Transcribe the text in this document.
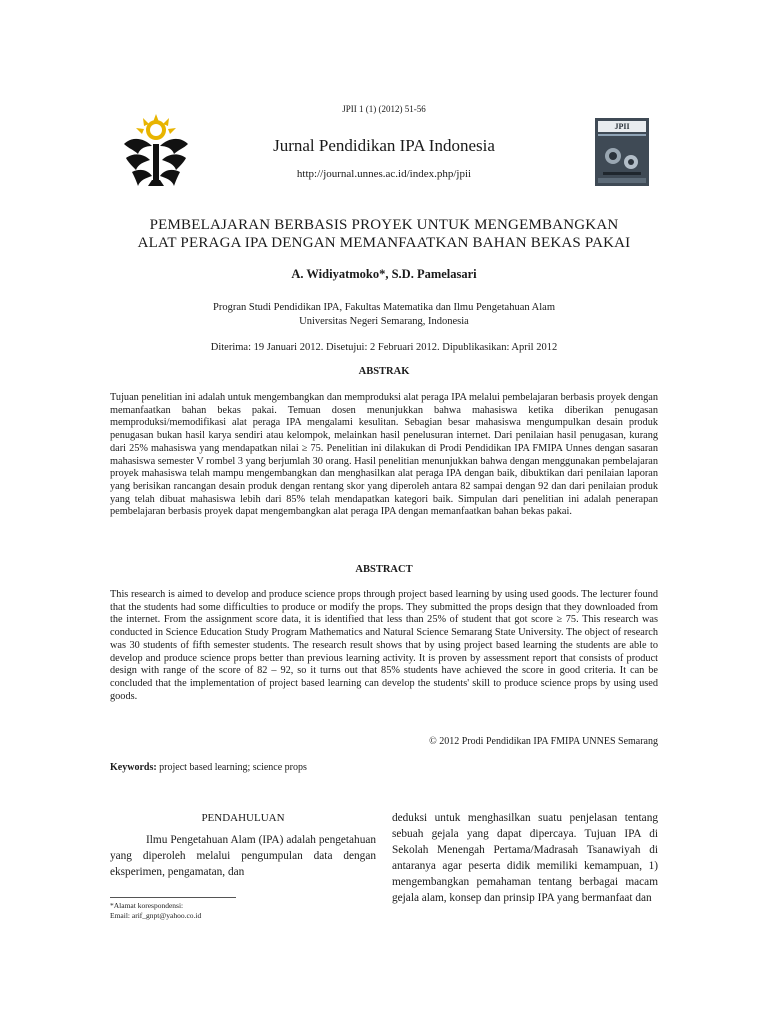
JPII 1 (1) (2012) 51-56
Jurnal Pendidikan IPA Indonesia
http://journal.unnes.ac.id/index.php/jpii
JPII
PEMBELAJARAN BERBASIS PROYEK UNTUK MENGEMBANGKAN
ALAT PERAGA IPA DENGAN MEMANFAATKAN BAHAN BEKAS PAKAI
A. Widiyatmoko*, S.D. Pamelasari
Progran Studi Pendidikan IPA, Fakultas Matematika dan Ilmu Pengetahuan Alam
Universitas Negeri Semarang, Indonesia
Diterima: 19 Januari 2012. Disetujui: 2 Februari 2012. Dipublikasikan: April 2012
ABSTRAK
Tujuan penelitian ini adalah untuk mengembangkan dan memproduksi alat peraga IPA melalui pembelajaran berbasis proyek dengan memanfaatkan bahan bekas pakai. Temuan dosen menunjukkan bahwa mahasiswa ketika diberikan penugasan memproduksi/memodifikasi alat peraga IPA mengalami kesulitan. Sebagian besar mahasiswa mengumpulkan desain produk penugasan bukan hasil karya sendiri atau kelompok, melainkan hasil penelusuran internet. Dari penilaian hasil penugasan, kurang dari 25% mahasiswa yang mendapatkan nilai ≥ 75. Penelitian ini dilakukan di Prodi Pendidikan IPA FMIPA Unnes dengan sasaran mahasiswa semester V rombel 3 yang berjumlah 30 orang. Hasil penelitian menunjukkan bahwa dengan menggunakan pembelajaran proyek mahasiswa telah mampu mengembangkan dan menghasilkan alat peraga IPA dengan baik, dibuktikan dari penilaian laporan yang berisikan rancangan desain produk dengan rentang skor yang diperoleh antara 82 sampai dengan 92 dan dari penilaian produk yang telah dibuat mahasiswa lebih dari 85% telah mendapatkan kategori baik. Simpulan dari penelitian ini adalah penerapan pembelajaran berbasis proyek dapat mengembangkan alat peraga IPA dengan memanfaatkan bahan bekas pakai.
ABSTRACT
This research is aimed to develop and produce science props through project based learning by using used goods. The lecturer found that the students had some difficulties to produce or modify the props. They submitted the props design that they downloaded from the internet. From the assignment score data, it is identified that less than 25% of student that got score ≥ 75. This research was conducted in Science Education Study Program Mathematics and Natural Science Semarang State University. The object of research was 30 students of fifth semester students. The research result shows that by using project based learning the students are able to develop and produce science props better than previous learning activity. It is proven by assessment report that consists of product design with range of the score of 82 – 92, so it turns out that 85% students have achieved the score in good criteria. It can be concluded that the implementation of project based learning can develop the students' skill to produce science props by using used goods.
© 2012 Prodi Pendidikan IPA FMIPA UNNES Semarang
Keywords: project based learning; science props
PENDAHULUAN
Ilmu Pengetahuan Alam (IPA) adalah pengetahuan yang diperoleh melalui pengumpulan data dengan eksperimen, pengamatan, dan
deduksi untuk menghasilkan suatu penjelasan tentang sebuah gejala yang dapat dipercaya. Tujuan IPA di Sekolah Menengah Pertama/Madrasah Tsanawiyah di antaranya agar peserta didik memiliki kemampuan, 1) mengembangkan pemahaman tentang berbagai macam gejala alam, konsep dan prinsip IPA yang bermanfaat dan
*Alamat korespondensi:
Email: arif_gnpt@yahoo.co.id
